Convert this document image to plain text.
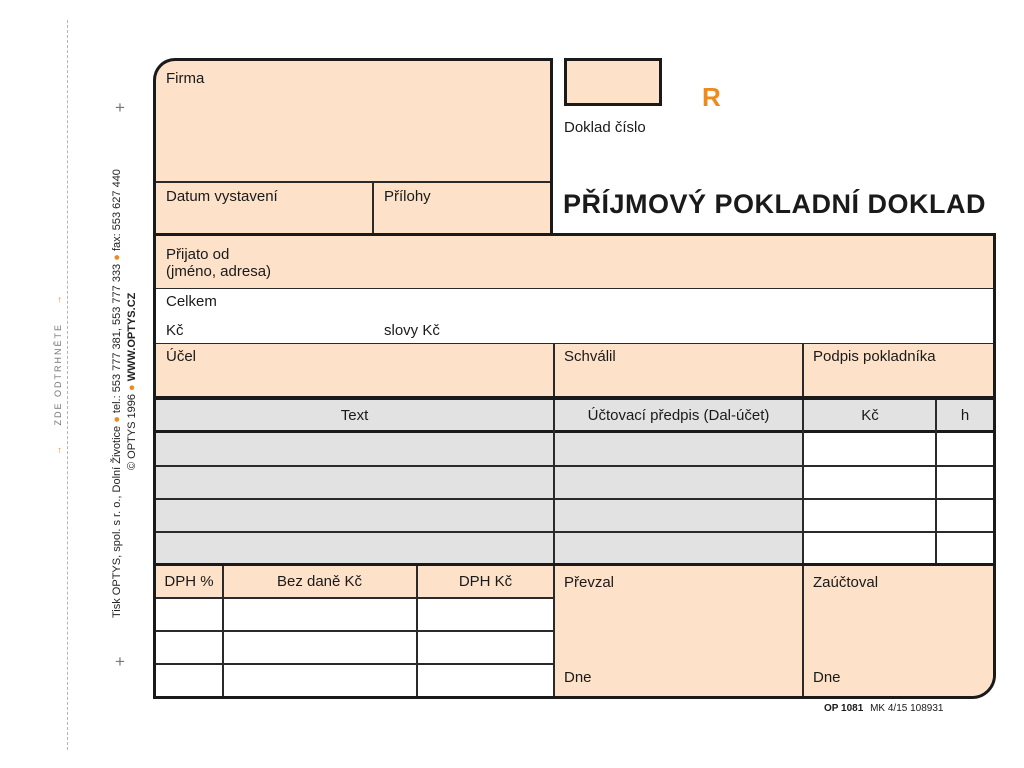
→ ZDE ODTRHNĚTE →
Tisk OPTYS, spol. s r. o., Dolní Životice ● tel.: 553 777 381, 553 777 333 ● fax: 553 627 440
© OPTYS 1996 ● WWW.OPTYS.CZ
+
+
Firma
Datum vystavení	Přílohy
R
Doklad číslo
PŘÍJMOVÝ POKLADNÍ DOKLAD
Přijato od
(jméno, adresa)
Celkem
Kč	slovy Kč
Účel	Schválil	Podpis pokladníka
Text	Účtovací předpis (Dal-účet)	Kč	h
DPH %	Bez daně Kč	DPH Kč	Převzal	Zaúčtoval
Dne	Dne
OP 1081 MK 4/15 108931
